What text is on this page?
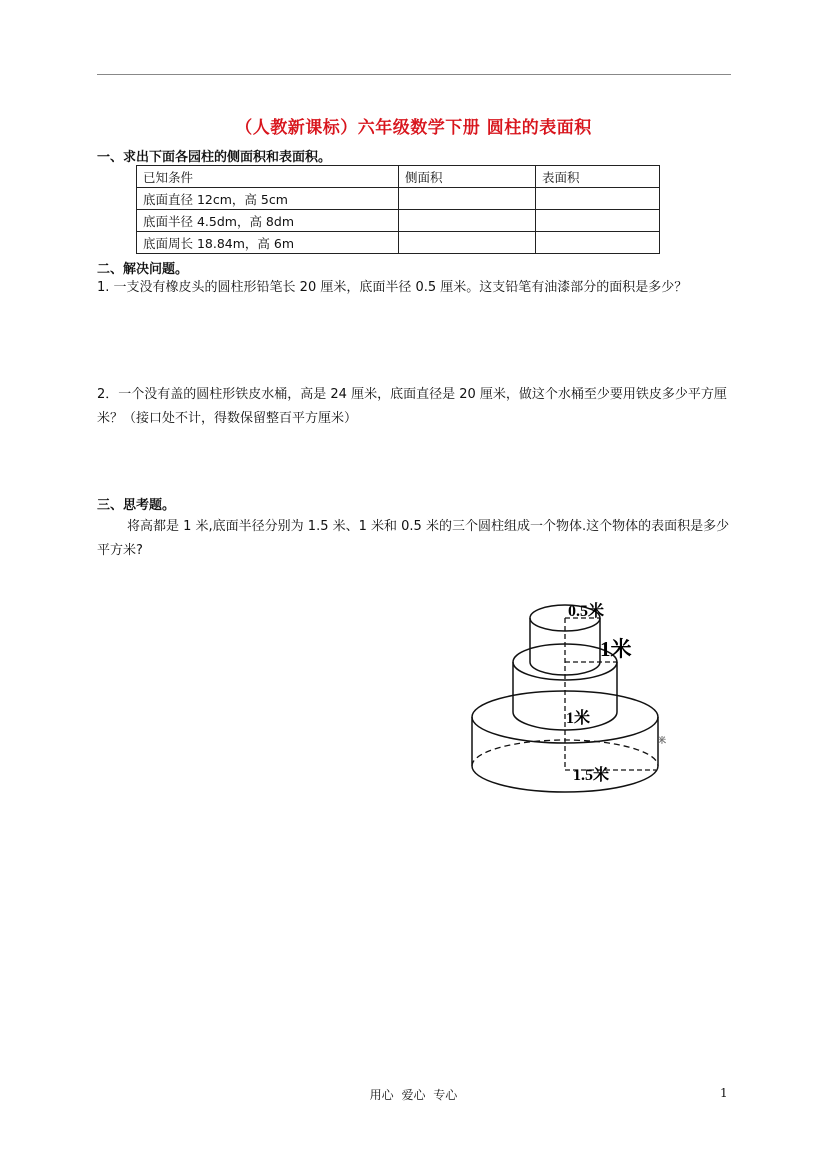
（人教新课标）六年级数学下册 圆柱的表面积
一、求出下面各园柱的侧面积和表面积。
已知条件	侧面积	表面积
底面直径 12cm，高 5cm		
底面半径 4.5dm，高 8dm		
底面周长 18.84m，高 6m		
二、解决问题。
1. 一支没有橡皮头的圆柱形铅笔长 20 厘米，底面半径 0.5 厘米。这支铅笔有油漆部分的面积是多少？
2．一个没有盖的圆柱形铁皮水桶，高是 24 厘米，底面直径是 20 厘米，做这个水桶至少要用铁皮多少平方厘米？（接口处不计，得数保留整百平方厘米）
三、思考题。
将高都是 1 米,底面半径分别为 1.5 米、1 米和 0.5 米的三个圆柱组成一个物体.这个物体的表面积是多少平方米?
0.5米
1米
1米
1.5米
米
用心 爱心 专心	1
